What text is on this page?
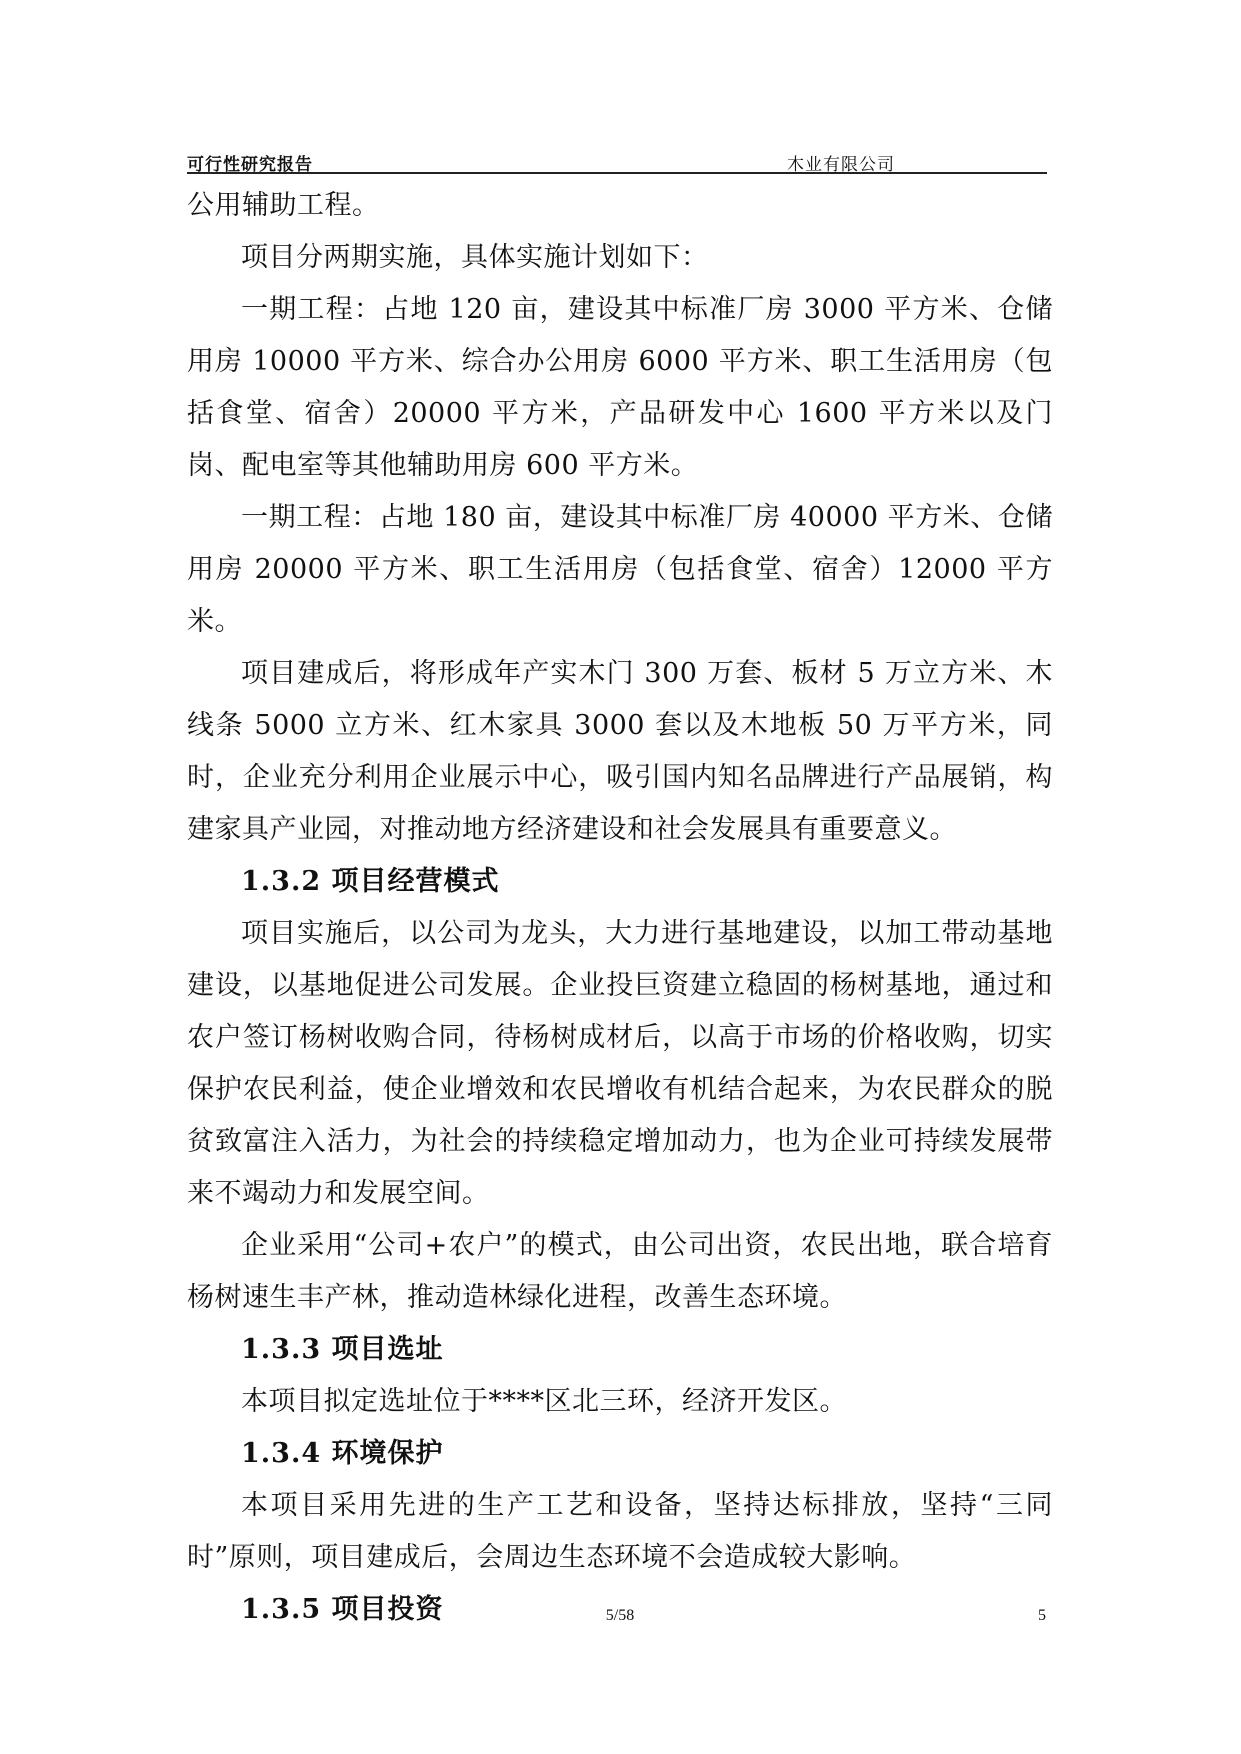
可行性研究报告	木业有限公司

公用辅助工程。

项目分两期实施，具体实施计划如下：

一期工程：占地 120 亩，建设其中标准厂房 3000 平方米、仓储用房 10000 平方米、综合办公用房 6000 平方米、职工生活用房（包括食堂、宿舍）20000 平方米，产品研发中心 1600 平方米以及门岗、配电室等其他辅助用房 600 平方米。

一期工程：占地 180 亩，建设其中标准厂房 40000 平方米、仓储用房 20000 平方米、职工生活用房（包括食堂、宿舍）12000 平方米。

项目建成后，将形成年产实木门 300 万套、板材 5 万立方米、木线条 5000 立方米、红木家具 3000 套以及木地板 50 万平方米，同时，企业充分利用企业展示中心，吸引国内知名品牌进行产品展销，构建家具产业园，对推动地方经济建设和社会发展具有重要意义。

1.3.2 项目经营模式

项目实施后，以公司为龙头，大力进行基地建设，以加工带动基地建设，以基地促进公司发展。企业投巨资建立稳固的杨树基地，通过和农户签订杨树收购合同，待杨树成材后，以高于市场的价格收购，切实保护农民利益，使企业增效和农民增收有机结合起来，为农民群众的脱贫致富注入活力，为社会的持续稳定增加动力，也为企业可持续发展带来不竭动力和发展空间。

企业采用“公司+农户”的模式，由公司出资，农民出地，联合培育杨树速生丰产林，推动造林绿化进程，改善生态环境。

1.3.3 项目选址

本项目拟定选址位于****区北三环，经济开发区。

1.3.4 环境保护

本项目采用先进的生产工艺和设备，坚持达标排放，坚持“三同时”原则，项目建成后，会周边生态环境不会造成较大影响。

1.3.5 项目投资	5/58	5
